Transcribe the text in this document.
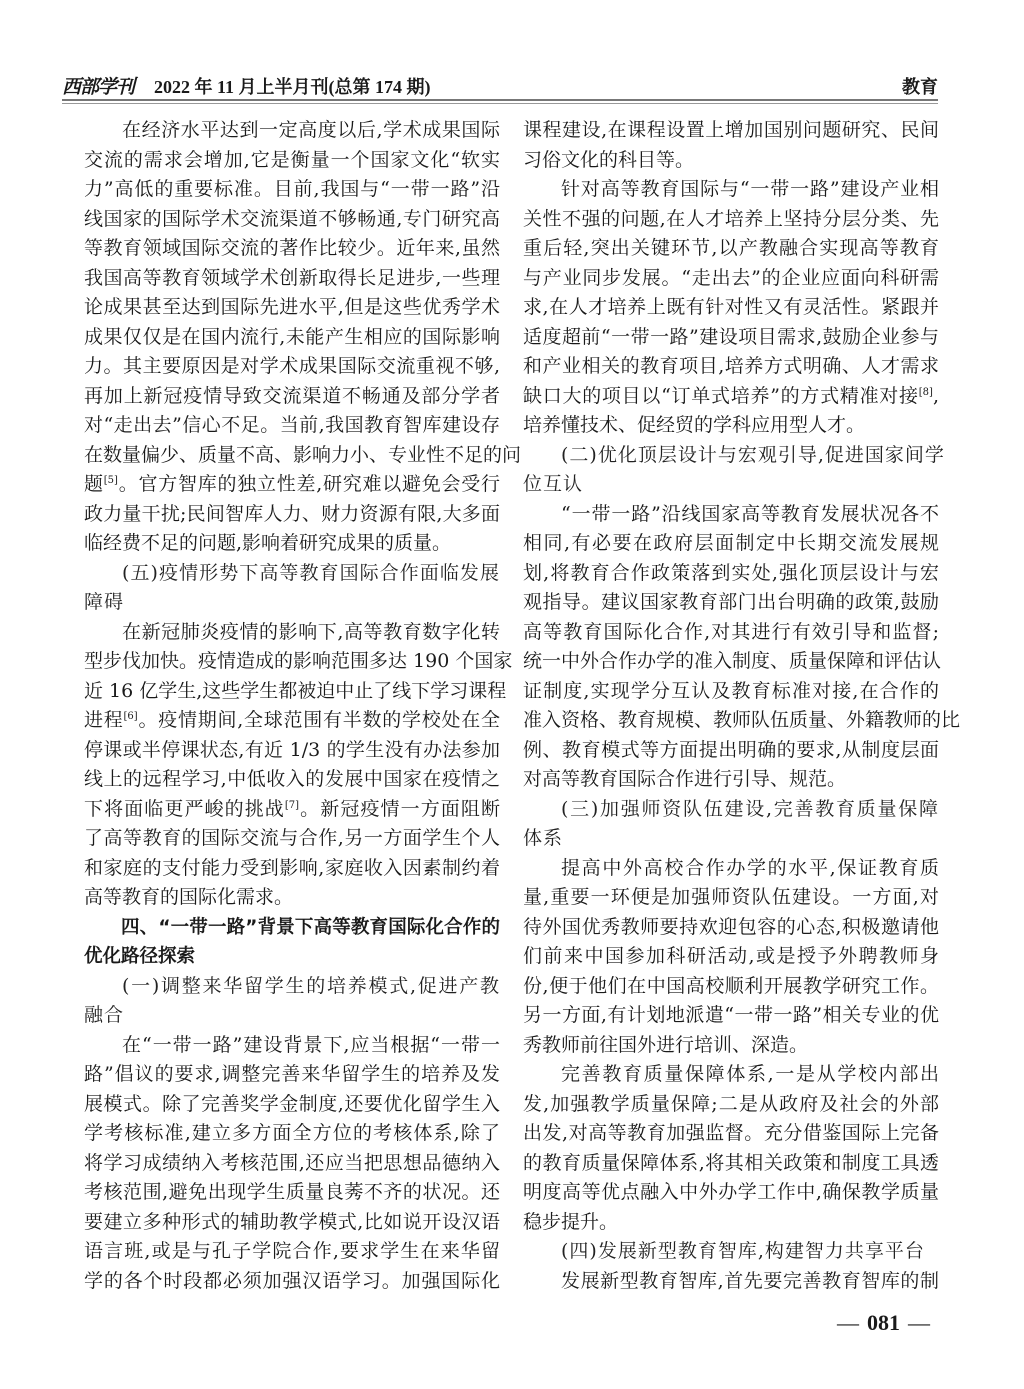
西部学刊 2022 年 11 月上半月刊(总第 174 期)	教育
在经济水平达到一定高度以后,学术成果国际
交流的需求会增加,它是衡量一个国家文化“软实
力”高低的重要标准。目前,我国与“一带一路”沿
线国家的国际学术交流渠道不够畅通,专门研究高
等教育领域国际交流的著作比较少。近年来,虽然
我国高等教育领域学术创新取得长足进步,一些理
论成果甚至达到国际先进水平,但是这些优秀学术
成果仅仅是在国内流行,未能产生相应的国际影响
力。其主要原因是对学术成果国际交流重视不够,
再加上新冠疫情导致交流渠道不畅通及部分学者
对“走出去”信心不足。当前,我国教育智库建设存
在数量偏少、质量不高、影响力小、专业性不足的问
题[5]。官方智库的独立性差,研究难以避免会受行
政力量干扰;民间智库人力、财力资源有限,大多面
临经费不足的问题,影响着研究成果的质量。
(五)疫情形势下高等教育国际合作面临发展
障碍
在新冠肺炎疫情的影响下,高等教育数字化转
型步伐加快。疫情造成的影响范围多达 190 个国家
近 16 亿学生,这些学生都被迫中止了线下学习课程
进程[6]。疫情期间,全球范围有半数的学校处在全
停课或半停课状态,有近 1/3 的学生没有办法参加
线上的远程学习,中低收入的发展中国家在疫情之
下将面临更严峻的挑战[7]。新冠疫情一方面阻断
了高等教育的国际交流与合作,另一方面学生个人
和家庭的支付能力受到影响,家庭收入因素制约着
高等教育的国际化需求。
四、“一带一路”背景下高等教育国际化合作的
优化路径探索
(一)调整来华留学生的培养模式,促进产教
融合
在“一带一路”建设背景下,应当根据“一带一
路”倡议的要求,调整完善来华留学生的培养及发
展模式。除了完善奖学金制度,还要优化留学生入
学考核标准,建立多方面全方位的考核体系,除了
将学习成绩纳入考核范围,还应当把思想品德纳入
考核范围,避免出现学生质量良莠不齐的状况。还
要建立多种形式的辅助教学模式,比如说开设汉语
语言班,或是与孔子学院合作,要求学生在来华留
学的各个时段都必须加强汉语学习。加强国际化
课程建设,在课程设置上增加国别问题研究、民间
习俗文化的科目等。
针对高等教育国际与“一带一路”建设产业相
关性不强的问题,在人才培养上坚持分层分类、先
重后轻,突出关键环节,以产教融合实现高等教育
与产业同步发展。“走出去”的企业应面向科研需
求,在人才培养上既有针对性又有灵活性。紧跟并
适度超前“一带一路”建设项目需求,鼓励企业参与
和产业相关的教育项目,培养方式明确、人才需求
缺口大的项目以“订单式培养”的方式精准对接[8],
培养懂技术、促经贸的学科应用型人才。
(二)优化顶层设计与宏观引导,促进国家间学
位互认
“一带一路”沿线国家高等教育发展状况各不
相同,有必要在政府层面制定中长期交流发展规
划,将教育合作政策落到实处,强化顶层设计与宏
观指导。建议国家教育部门出台明确的政策,鼓励
高等教育国际化合作,对其进行有效引导和监督;
统一中外合作办学的准入制度、质量保障和评估认
证制度,实现学分互认及教育标准对接,在合作的
准入资格、教育规模、教师队伍质量、外籍教师的比
例、教育模式等方面提出明确的要求,从制度层面
对高等教育国际合作进行引导、规范。
(三)加强师资队伍建设,完善教育质量保障
体系
提高中外高校合作办学的水平,保证教育质
量,重要一环便是加强师资队伍建设。一方面,对
待外国优秀教师要持欢迎包容的心态,积极邀请他
们前来中国参加科研活动,或是授予外聘教师身
份,便于他们在中国高校顺利开展教学研究工作。
另一方面,有计划地派遣“一带一路”相关专业的优
秀教师前往国外进行培训、深造。
完善教育质量保障体系,一是从学校内部出
发,加强教学质量保障;二是从政府及社会的外部
出发,对高等教育加强监督。充分借鉴国际上完备
的教育质量保障体系,将其相关政策和制度工具透
明度高等优点融入中外办学工作中,确保教学质量
稳步提升。
(四)发展新型教育智库,构建智力共享平台
发展新型教育智库,首先要完善教育智库的制
— 081 —
